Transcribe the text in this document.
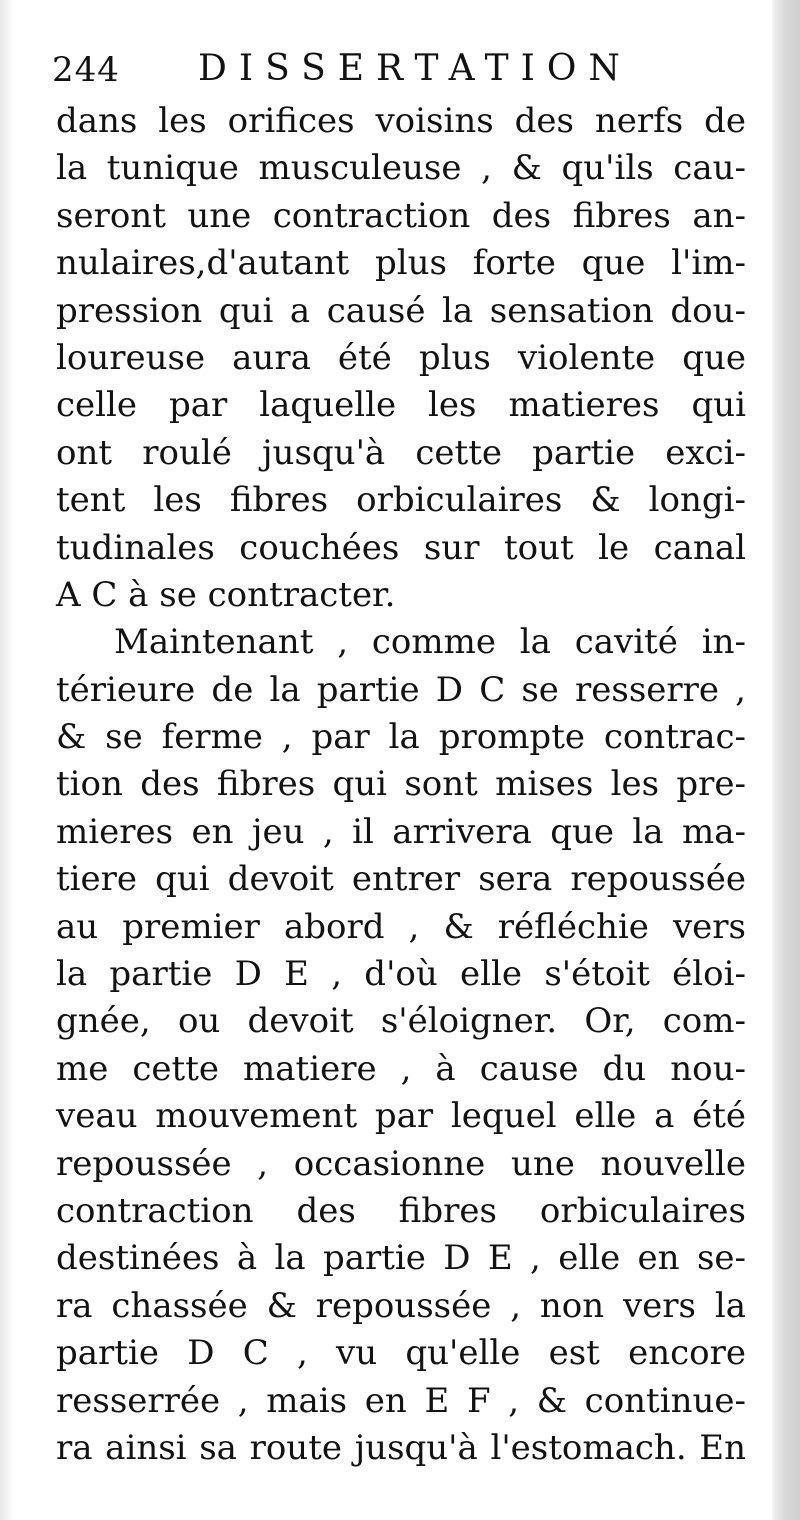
244 DISSERTATION
dans les orifices voisins des nerfs de
la tunique musculeuse , & qu'ils cau-
seront une contraction des fibres an-
nulaires,d'autant plus forte que l'im-
pression qui a causé la sensation dou-
loureuse aura été plus violente que
celle par laquelle les matieres qui
ont roulé jusqu'à cette partie exci-
tent les fibres orbiculaires & longi-
tudinales couchées sur tout le canal
A C à se contracter.
Maintenant , comme la cavité in-
térieure de la partie D C se resserre ,
& se ferme , par la prompte contrac-
tion des fibres qui sont mises les pre-
mieres en jeu , il arrivera que la ma-
tiere qui devoit entrer sera repoussée
au premier abord , & réfléchie vers
la partie D E , d'où elle s'étoit éloi-
gnée, ou devoit s'éloigner. Or, com-
me cette matiere , à cause du nou-
veau mouvement par lequel elle a été
repoussée , occasionne une nouvelle
contraction des fibres orbiculaires
destinées à la partie D E , elle en se-
ra chassée & repoussée , non vers la
partie D C , vu qu'elle est encore
resserrée , mais en E F , & continue-
ra ainsi sa route jusqu'à l'estomach. En
